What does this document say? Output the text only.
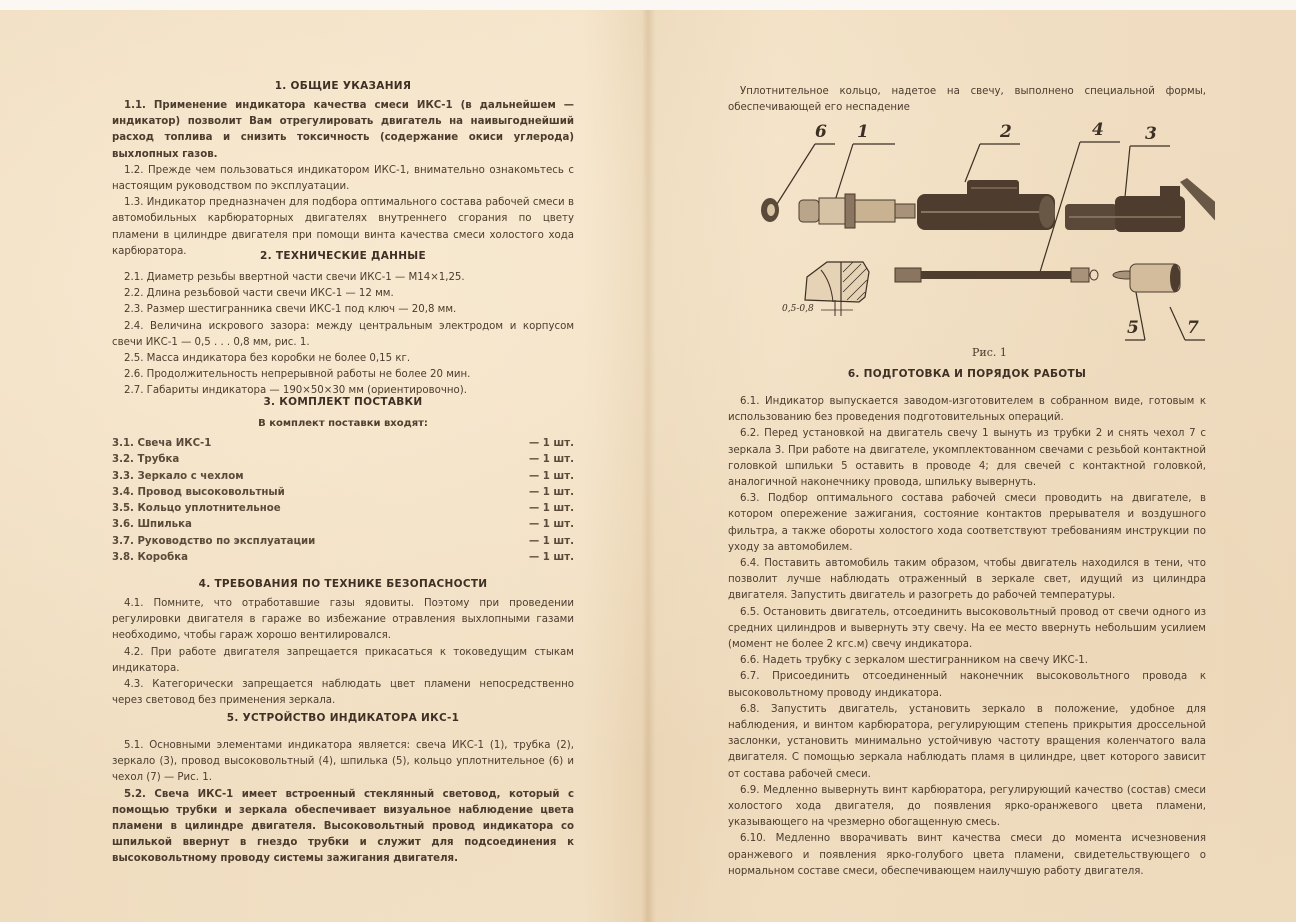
1. ОБЩИЕ УКАЗАНИЯ

1.1. Применение индикатора качества смеси ИКС-1 (в дальнейшем — индикатор) позволит Вам отрегулировать двигатель на наивыгоднейший расход топлива и снизить токсичность (содержание окиси углерода) выхлопных газов.

1.2. Прежде чем пользоваться индикатором ИКС-1, внимательно ознакомьтесь с настоящим руководством по эксплуатации.

1.3. Индикатор предназначен для подбора оптимального состава рабочей смеси в автомобильных карбюраторных двигателях внутреннего сгорания по цвету пламени в цилиндре двигателя при помощи винта качества смеси холостого хода карбюратора.	2. ТЕХНИЧЕСКИЕ ДАННЫЕ

2.1. Диаметр резьбы ввертной части свечи ИКС-1 — М14×1,25.

2.2. Длина резьбовой части свечи ИКС-1 — 12 мм.

2.3. Размер шестигранника свечи ИКС-1 под ключ — 20,8 мм.

2.4. Величина искрового зазора: между центральным электродом и корпусом свечи ИКС-1 — 0,5 . . . 0,8 мм, рис. 1.

2.5. Масса индикатора без коробки не более 0,15 кг.

2.6. Продолжительность непрерывной работы не более 20 мин.

2.7. Габариты индикатора — 190×50×30 мм (ориентировочно).

3. КОМПЛЕКТ ПОСТАВКИ

В комплект поставки входят:

3.1. Свеча ИКС-1	— 1 шт.
3.2. Трубка	— 1 шт.
3.3. Зеркало с чехлом	— 1 шт.
3.4. Провод высоковольтный	— 1 шт.
3.5. Кольцо уплотнительное	— 1 шт.
3.6. Шпилька	— 1 шт.
3.7. Руководство по эксплуатации	— 1 шт.
3.8. Коробка	— 1 шт.
4. ТРЕБОВАНИЯ ПО ТЕХНИКЕ БЕЗОПАСНОСТИ

4.1. Помните, что отработавшие газы ядовиты. Поэтому при проведении регулировки двигателя в гараже во избежание отравления выхлопными газами необходимо, чтобы гараж хорошо вентилировался.

4.2. При работе двигателя запрещается прикасаться к токоведущим стыкам индикатора.

4.3. Категорически запрещается наблюдать цвет пламени непосредственно через световод без применения зеркала.

5. УСТРОЙСТВО ИНДИКАТОРА ИКС-1

5.1. Основными элементами индикатора является: свеча ИКС-1 (1), трубка (2), зеркало (3), провод высоковольтный (4), шпилька (5), кольцо уплотнительное (6) и чехол (7) — Рис. 1.

5.2. Свеча ИКС-1 имеет встроенный стеклянный световод, который с помощью трубки и зеркала обеспечивает визуальное наблюдение цвета пламени в цилиндре двигателя. Высоковольтный провод индикатора со шпилькой ввернут в гнездо трубки и служит для подсоединения к высоковольтному проводу системы зажигания двигателя.

Уплотнительное кольцо, надетое на свечу, выполнено специальной формы, обеспечивающей его неспадение

6 1	2	4 3
5	7
0,5-0,8
Рис. 1
6. ПОДГОТОВКА И ПОРЯДОК РАБОТЫ

6.1. Индикатор выпускается заводом-изготовителем в собранном виде, готовым к использованию без проведения подготовительных операций.

6.2. Перед установкой на двигатель свечу 1 вынуть из трубки 2 и снять чехол 7 с зеркала 3. При работе на двигателе, укомплектованном свечами с резьбой контактной головкой шпильки 5 оставить в проводе 4; для свечей с контактной головкой, аналогичной наконечнику провода, шпильку вывернуть.

6.3. Подбор оптимального состава рабочей смеси проводить на двигателе, в котором опережение зажигания, состояние контактов прерывателя и воздушного фильтра, а также обороты холостого хода соответствуют требованиям инструкции по уходу за автомобилем.

6.4. Поставить автомобиль таким образом, чтобы двигатель находился в тени, что позволит лучше наблюдать отраженный в зеркале свет, идущий из цилиндра двигателя. Запустить двигатель и разогреть до рабочей температуры.

6.5. Остановить двигатель, отсоединить высоковольтный провод от свечи одного из средних цилиндров и вывернуть эту свечу. На ее место ввернуть небольшим усилием (момент не более 2 кгс.м) свечу индикатора.

6.6. Надеть трубку с зеркалом шестигранником на свечу ИКС-1.

6.7. Присоединить отсоединенный наконечник высоковольтного провода к высоковольтному проводу индикатора.

6.8. Запустить двигатель, установить зеркало в положение, удобное для наблюдения, и винтом карбюратора, регулирующим степень прикрытия дроссельной заслонки, установить минимально устойчивую частоту вращения коленчатого вала двигателя. С помощью зеркала наблюдать пламя в цилиндре, цвет которого зависит от состава рабочей смеси.

6.9. Медленно вывернуть винт карбюратора, регулирующий качество (состав) смеси холостого хода двигателя, до появления ярко-оранжевого цвета пламени, указывающего на чрезмерно обогащенную смесь.

6.10. Медленно вворачивать винт качества смеси до момента исчезновения оранжевого и появления ярко-голубого цвета пламени, свидетельствующего о нормальном составе смеси, обеспечивающем наилучшую работу двигателя.
